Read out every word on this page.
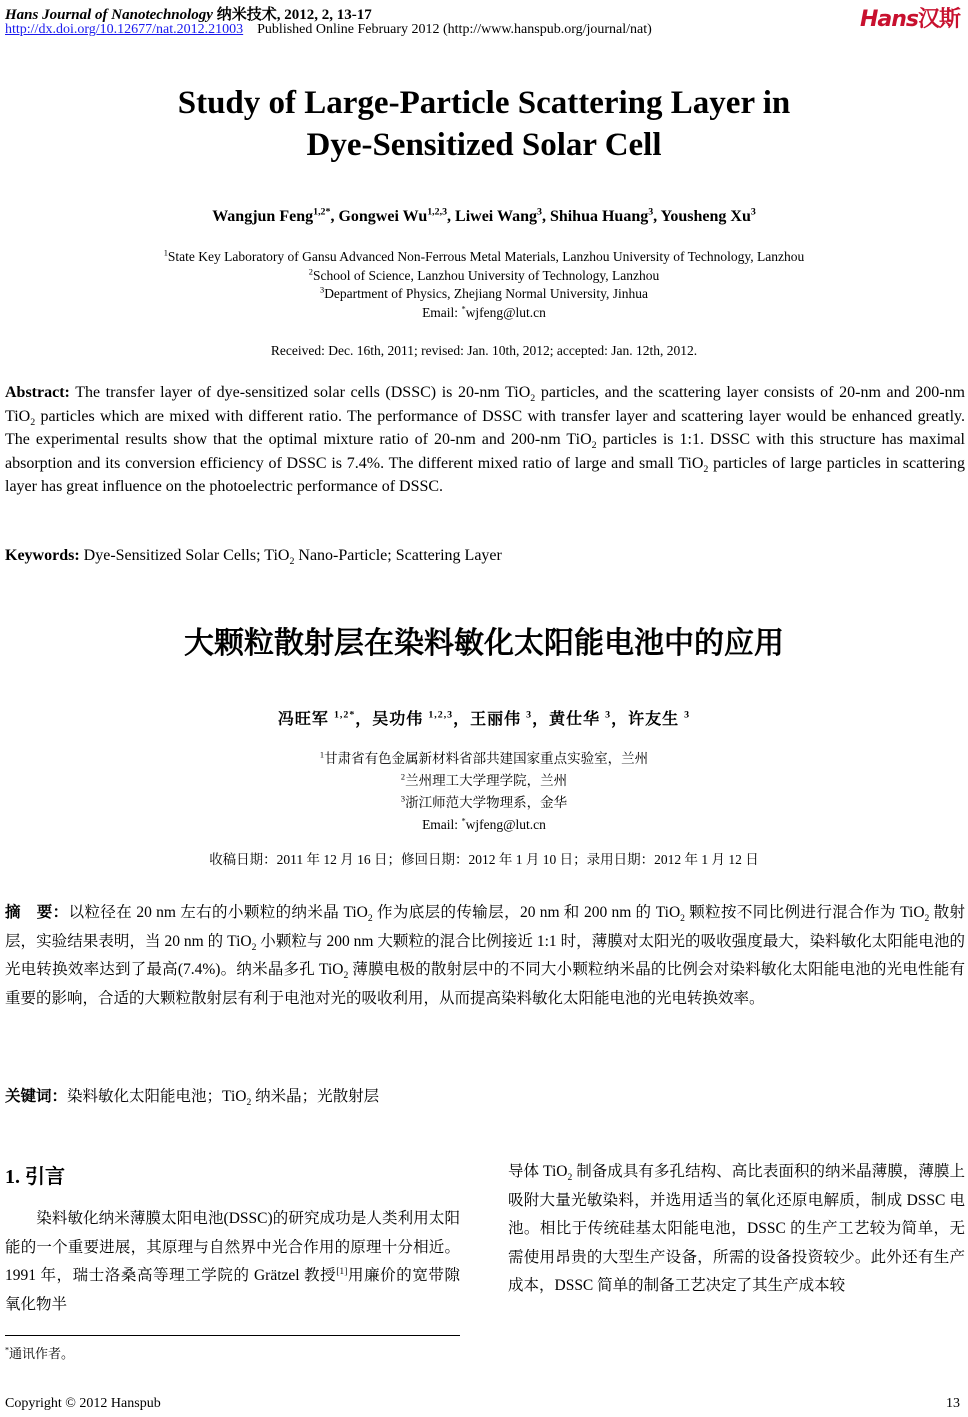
Hans Journal of Nanotechnology 纳米技术, 2012, 2, 13-17
http://dx.doi.org/10.12677/nat.2012.21003 Published Online February 2012 (http://www.hanspub.org/journal/nat)	Hans汉斯
Study of Large-Particle Scattering Layer in
Dye-Sensitized Solar Cell
Wangjun Feng$^{1,2*}$, Gongwei Wu$^{1,2,3}$, Liwei Wang$^3$, Shihua Huang$^3$, Yousheng Xu$^3$
$^1$State Key Laboratory of Gansu Advanced Non-Ferrous Metal Materials, Lanzhou University of Technology, Lanzhou
$^2$School of Science, Lanzhou University of Technology, Lanzhou
$^3$Department of Physics, Zhejiang Normal University, Jinhua
Email: *wjfeng@lut.cn
Received: Dec. 16th, 2011; revised: Jan. 10th, 2012; accepted: Jan. 12th, 2012.
Abstract: The transfer layer of dye-sensitized solar cells (DSSC) is 20-nm TiO$_2$ particles, and the scattering layer consists of 20-nm and 200-nm TiO$_2$ particles which are mixed with different ratio. The performance of DSSC with transfer layer and scattering layer would be enhanced greatly. The experimental results show that the optimal mixture ratio of 20-nm and 200-nm TiO$_2$ particles is 1:1. DSSC with this structure has maximal absorption and its conversion efficiency of DSSC is 7.4%. The different mixed ratio of large and small TiO$_2$ particles of large particles in scattering layer has great influence on the photoelectric performance of DSSC.
Keywords: Dye-Sensitized Solar Cells; TiO$_2$ Nano-Particle; Scattering Layer
大颗粒散射层在染料敏化太阳能电池中的应用
冯旺军 $^{1,2*}$，吴功伟 $^{1,2,3}$，王丽伟 $^3$，黄仕华 $^3$，许友生 $^3$
$^1$甘肃省有色金属新材料省部共建国家重点实验室，兰州
$^2$兰州理工大学理学院，兰州
$^3$浙江师范大学物理系，金华
Email: *wjfeng@lut.cn
收稿日期：2011 年 12 月 16 日；修回日期：2012 年 1 月 10 日；录用日期：2012 年 1 月 12 日
摘　要：以粒径在 20 nm 左右的小颗粒的纳米晶 TiO$_2$ 作为底层的传输层，20 nm 和 200 nm 的 TiO$_2$ 颗粒按不同比例进行混合作为 TiO$_2$ 散射层，实验结果表明，当 20 nm 的 TiO$_2$ 小颗粒与 200 nm 大颗粒的混合比例接近 1:1 时，薄膜对太阳光的吸收强度最大，染料敏化太阳能电池的光电转换效率达到了最高(7.4%)。纳米晶多孔 TiO$_2$ 薄膜电极的散射层中的不同大小颗粒纳米晶的比例会对染料敏化太阳能电池的光电性能有重要的影响，合适的大颗粒散射层有利于电池对光的吸收利用，从而提高染料敏化太阳能电池的光电转换效率。
关键词：染料敏化太阳能电池；TiO$_2$ 纳米晶；光散射层
1. 引言
　　染料敏化纳米薄膜太阳电池(DSSC)的研究成功是人类利用太阳能的一个重要进展，其原理与自然界中光合作用的原理十分相近。1991 年，瑞士洛桑高等理工学院的 Grätzel 教授[1]用廉价的宽带隙氧化物半
导体 TiO$_2$ 制备成具有多孔结构、高比表面积的纳米晶薄膜，薄膜上吸附大量光敏染料，并选用适当的氧化还原电解质，制成 DSSC 电池。相比于传统硅基太阳能电池，DSSC 的生产工艺较为简单，无需使用昂贵的大型生产设备，所需的设备投资较少。此外还有生产成本，DSSC 简单的制备工艺决定了其生产成本较
*通讯作者。
Copyright © 2012 Hanspub	13
